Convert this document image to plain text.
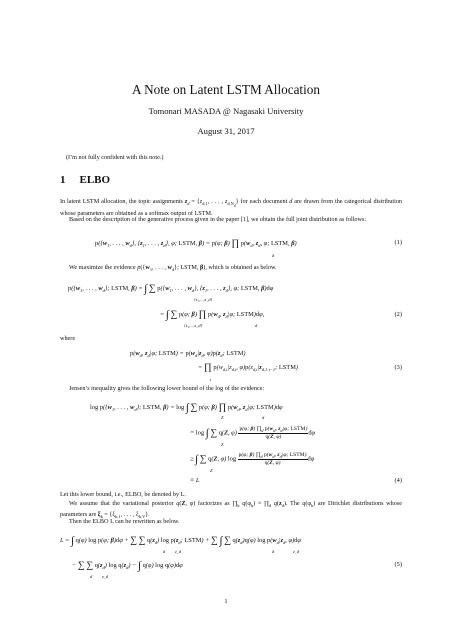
A Note on Latent LSTM Allocation
Tomonari MASADA @ Nagasaki University
August 31, 2017
(I’m not fully confident with this note.)
1 ELBO
In latent LSTM allocation, the topic assignments $z_d = \{z_{d,1}$, . . . , $z_{d,N_d}$} for each document d are drawn from the categorical distribution whose parameters are obtained as a softmax output of LSTM.
Based on the description of the generative process given in the paper [1], we obtain the full joint distribution as follows:
$p(\{w_1$, . . . , $w_d$}, {$z_1$, . . . , $z_d$}, φ; LSTM, β) = p(φ; β) ∏ $p(w_d$, $z_d$, φ; LSTM, β)
d
(1)
We maximize the evidence $p(\{w_1$, . . . , $w_d$}; LSTM, β), which is obtained as below.
$p(\{w_1$, . . . , $w_d$}; LSTM, β) = ∫ ∑ $p(\{w_1$, . . . , $w_d$}, {$z_1$, . . . , $z_d$}, φ; LSTM, β)dφ
{z₁,...,z_d}
= ∫ ∑ p(φ; β) ∏ $p(w_d$, $z_d|\varphi$; LSTM)dφ,
{z₁,...,z_d}	d
(2)
where
$p(w_d$, $z_d|\varphi$; LSTM) = $p(w_d|z_d$, $\varphi)p(z_d$; LSTM)
= ∏ $p(w_{d,t}|z_{d,t}$, $\varphi)p(z_{d,t}|z_{d,1:t-1}$; LSTM)
t
(3)
Jensen’s inequality gives the following lower bound of the log of the evidence:
$\log p(\{w_1$, . . . , $w_d$}; LSTM, β) = log ∫ ∑ p(φ; β) ∏ $p(w_d$, $z_d|\varphi$; LSTM)dφ
Z	d
= log ∫ ∑ q(Z, $\varphi) \frac{p(\varphi; \beta) \prod_d p(w_d, z_d|\varphi; LSTM)}{q(Z, \varphi)}$ dφ
Z
≥ ∫ ∑ q(Z, φ) $\log \frac{p(\varphi; \beta) \prod_d p(w_d, z_d|\varphi; LSTM)}{q(Z, \varphi)}$ dφ
Z
≡ L	(4)
Let this lower bound, i.e., ELBO, be denoted by L.
We assume that the variational posterior q(Z, φ) factorizes as $\prod_k$ $q(\varphi_k)$ × $\prod_d$ $q(z_d)$. The $q(\varphi_k)$ are Dirichlet distributions whose parameters are $\xi_k = \{\xi_{k,1}$, . . . , $\xi_{k,V}$}.
Then the ELBO L can be rewritten as below.
L = ∫ q(φ) log p(φ; β)dφ + ∑ ∑ $q(z_d)$ $\log p(z_d$; LSTM) + ∑ ∫ ∑ $q(z_d)q(\varphi)$ $\log p(w_d|z_d$, φ)dφ
d z_d	d	z_d
− ∑ ∑ $q(z_d)$ $\log q(z_d)$ − ∫ q(φ) log q(φ)dφ
d z_d
(5)
1
